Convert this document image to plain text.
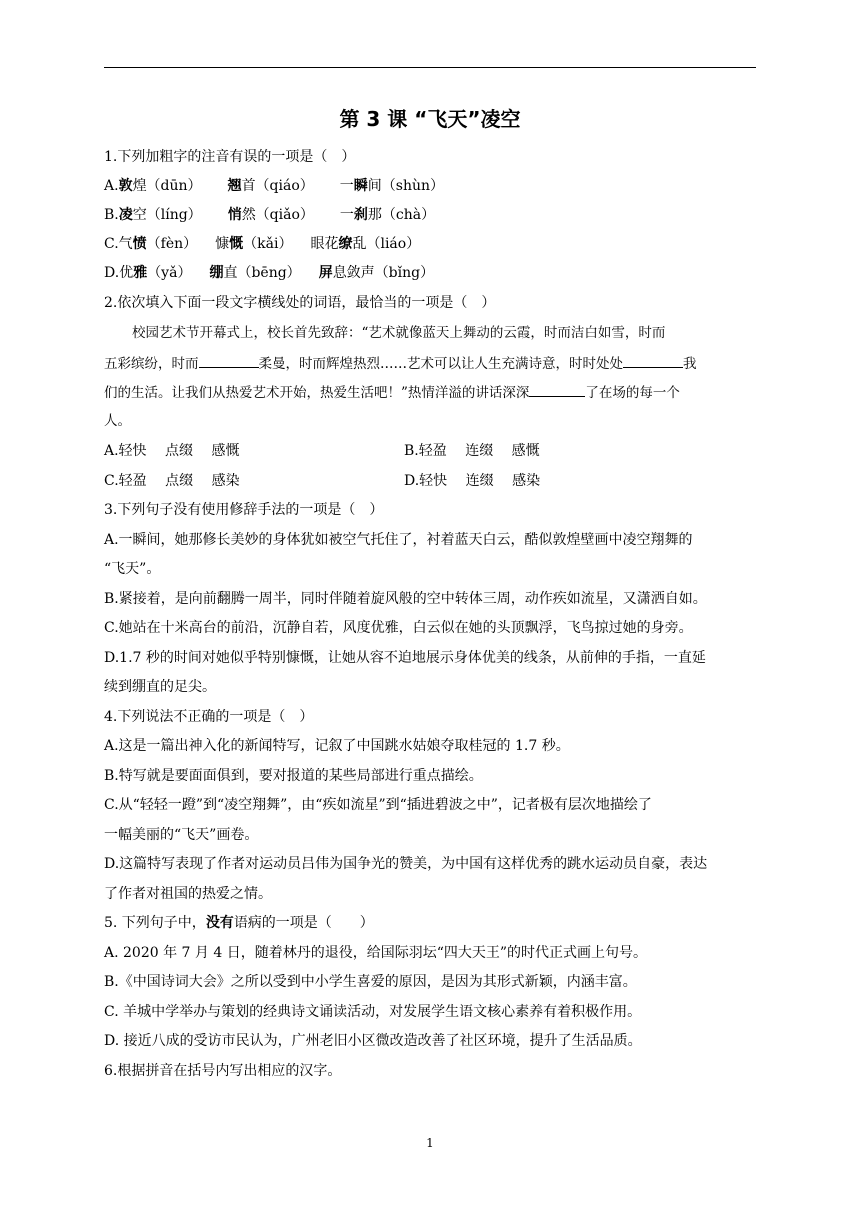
第 3 课 “飞天”凌空
1.下列加粗字的注音有误的一项是（　）
A.敦煌（dūn） 翘首（qiáo） 一瞬间（shùn）
B.凌空（líng） 悄然（qiǎo） 一刹那（chà）
C.气愤（fèn） 慷慨（kǎi） 眼花缭乱（liáo）
D.优雅（yǎ） 绷直（bēng） 屏息敛声（bǐng）
2.依次填入下面一段文字横线处的词语，最恰当的一项是（　）
校园艺术节开幕式上，校长首先致辞：“艺术就像蓝天上舞动的云霞，时而洁白如雪，时而
五彩缤纷，时而	柔曼，时而辉煌热烈……艺术可以让人生充满诗意，时时处处	我
们的生活。让我们从热爱艺术开始，热爱生活吧！”热情洋溢的讲话深深	了在场的每一个
人。
A.轻快　 点缀　 感慨	B.轻盈　 连缀　 感慨
C.轻盈　 点缀　 感染	D.轻快　 连缀　 感染
3.下列句子没有使用修辞手法的一项是（　）
A.一瞬间，她那修长美妙的身体犹如被空气托住了，衬着蓝天白云，酷似敦煌壁画中凌空翔舞的
“飞天”。
B.紧接着，是向前翻腾一周半，同时伴随着旋风般的空中转体三周，动作疾如流星，又潇洒自如。
C.她站在十米高台的前沿，沉静自若，风度优雅，白云似在她的头顶飘浮，飞鸟掠过她的身旁。
D.1.7 秒的时间对她似乎特别慷慨，让她从容不迫地展示身体优美的线条，从前伸的手指，一直延
续到绷直的足尖。
4.下列说法不正确的一项是（　）
A.这是一篇出神入化的新闻特写，记叙了中国跳水姑娘夺取桂冠的 1.7 秒。
B.特写就是要面面俱到，要对报道的某些局部进行重点描绘。
C.从“轻轻一蹬”到“凌空翔舞”，由“疾如流星”到“插进碧波之中”，记者极有层次地描绘了
一幅美丽的“飞天”画卷。
D.这篇特写表现了作者对运动员吕伟为国争光的赞美，为中国有这样优秀的跳水运动员自豪，表达
了作者对祖国的热爱之情。
5. 下列句子中，没有语病的一项是（　　）
A. 2020 年 7 月 4 日，随着林丹的退役，给国际羽坛“四大天王”的时代正式画上句号。
B.《中国诗词大会》之所以受到中小学生喜爱的原因，是因为其形式新颖，内涵丰富。
C. 羊城中学举办与策划的经典诗文诵读活动，对发展学生语文核心素养有着积极作用。
D. 接近八成的受访市民认为，广州老旧小区微改造改善了社区环境，提升了生活品质。
6.根据拼音在括号内写出相应的汉字。
1
